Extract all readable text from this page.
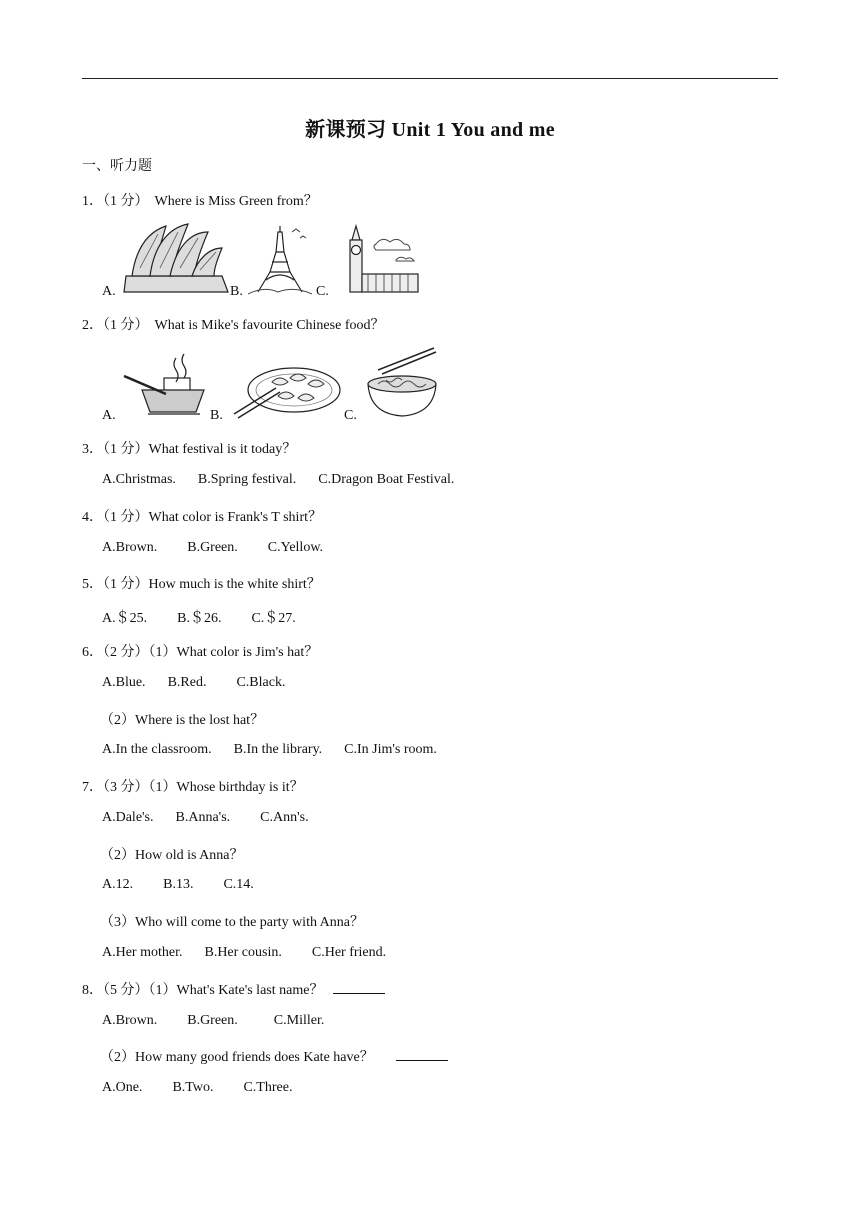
新课预习 Unit 1 You and me
一、听力题
1．（1 分） Where is Miss Green from？
A.	B.	C.
2．（1 分） What is Mike's favourite Chinese food？
A.	B.	C.
3．（1 分）What festival is it today？
A.Christmas. B.Spring festival. C.Dragon Boat Festival.
4．（1 分）What color is Frank's T shirt？
A.Brown. B.Green. C.Yellow.
5．（1 分）How much is the white shirt？
A.＄25. B.＄26. C.＄27.
6．（2 分）（1）What color is Jim's hat？
A.Blue. B.Red. C.Black.
（2）Where is the lost hat？
A.In the classroom. B.In the library. C.In Jim's room.
7．（3 分）（1）Whose birthday is it？
A.Dale's. B.Anna's. C.Ann's.
（2）How old is Anna？
A.12. B.13. C.14.
（3）Who will come to the party with Anna？
A.Her mother. B.Her cousin. C.Her friend.
8．（5 分）（1）What's Kate's last name？
A.Brown. B.Green.	C.Miller.
（2）How many good friends does Kate have？
A.One. B.Two. C.Three.
